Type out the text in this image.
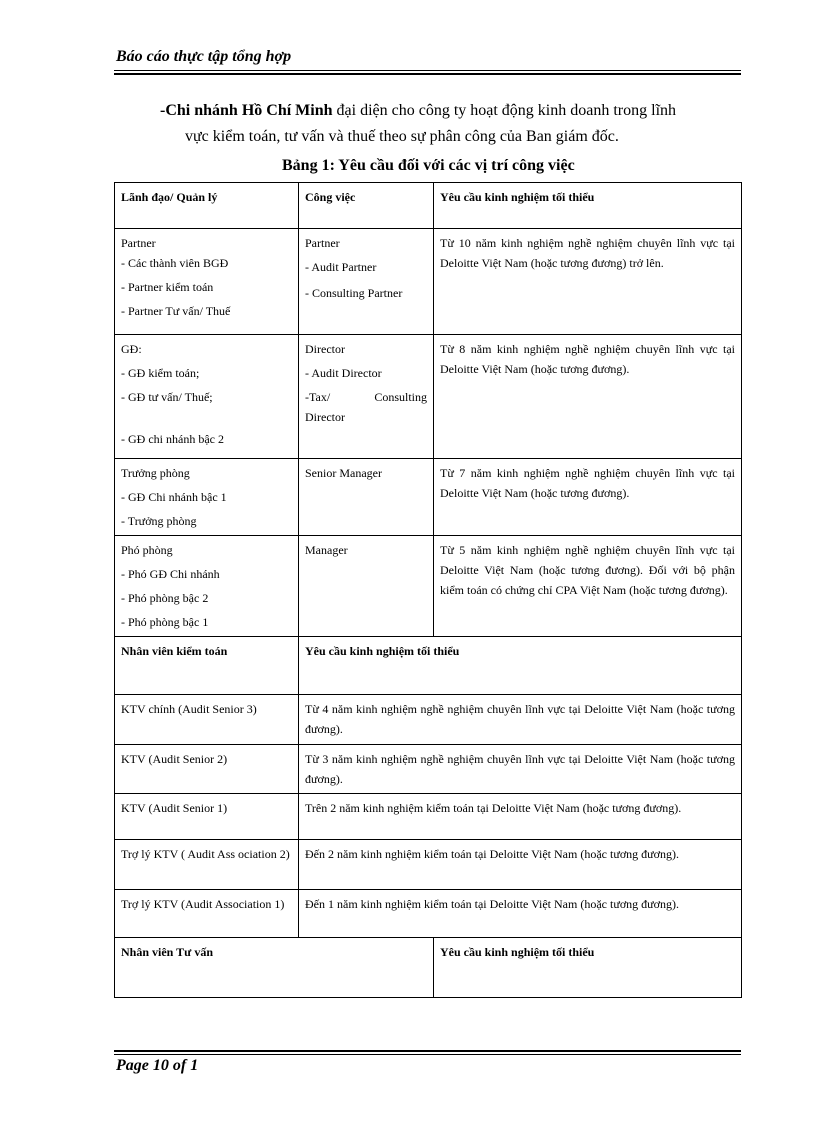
Báo cáo thực tập tổng hợp
-Chi nhánh Hồ Chí Minh đại diện cho công ty hoạt động kinh doanh trong lĩnh
vực kiểm toán, tư vấn và thuế theo sự phân công của Ban giám đốc.
Bảng 1: Yêu cầu đối với các vị trí công việc
Lãnh đạo/ Quản lý	Công việc	Yêu cầu kinh nghiệm tối thiểu

Partner
- Các thành viên BGĐ
- Partner kiểm toán
- Partner Tư vấn/ Thuế	Partner
- Audit Partner
- Consulting Partner	Từ 10 năm kinh nghiệm nghề nghiệm chuyên lĩnh vực tại Deloitte Việt Nam (hoặc tương đương) trở lên.

GĐ:
- GĐ kiểm toán;
- GĐ tư vấn/ Thuế;
- GĐ chi nhánh bậc 2	Director
- Audit Director
-Tax/ Consulting Director	Từ 8 năm kinh nghiệm nghề nghiệm chuyên lĩnh vực tại Deloitte Việt Nam (hoặc tương đương).

Trưởng phòng
- GĐ Chi nhánh bậc 1
- Trưởng phòng	Senior Manager	Từ 7 năm kinh nghiệm nghề nghiệm chuyên lĩnh vực tại Deloitte Việt Nam (hoặc tương đương).

Phó phòng
- Phó GĐ Chi nhánh
- Phó phòng bậc 2
- Phó phòng bậc 1	Manager	Từ 5 năm kinh nghiệm nghề nghiệm chuyên lĩnh vực tại Deloitte Việt Nam (hoặc tương đương). Đối với bộ phận kiểm toán có chứng chỉ CPA Việt Nam (hoặc tương đương).
Nhân viên kiểm toán	Yêu cầu kinh nghiệm tối thiểu	
KTV chính (Audit Senior 3)	Từ 4 năm kinh nghiệm nghề nghiệm chuyên lĩnh vực tại Deloitte Việt Nam (hoặc tương đương).	
KTV (Audit Senior 2)	Từ 3 năm kinh nghiệm nghề nghiệm chuyên lĩnh vực tại Deloitte Việt Nam (hoặc tương đương).	
KTV (Audit Senior 1)	Trên 2 năm kinh nghiệm kiểm toán tại Deloitte Việt Nam (hoặc tương đương).	
Trợ lý KTV ( Audit Ass ociation 2)	Đến 2 năm kinh nghiệm kiểm toán tại Deloitte Việt Nam (hoặc tương đương).	
Trợ lý KTV (Audit Association 1)	Đến 1 năm kinh nghiệm kiểm toán tại Deloitte Việt Nam (hoặc tương đương).	
Nhân viên Tư vấn		Yêu cầu kinh nghiệm tối thiểu
Page 10 of 1
